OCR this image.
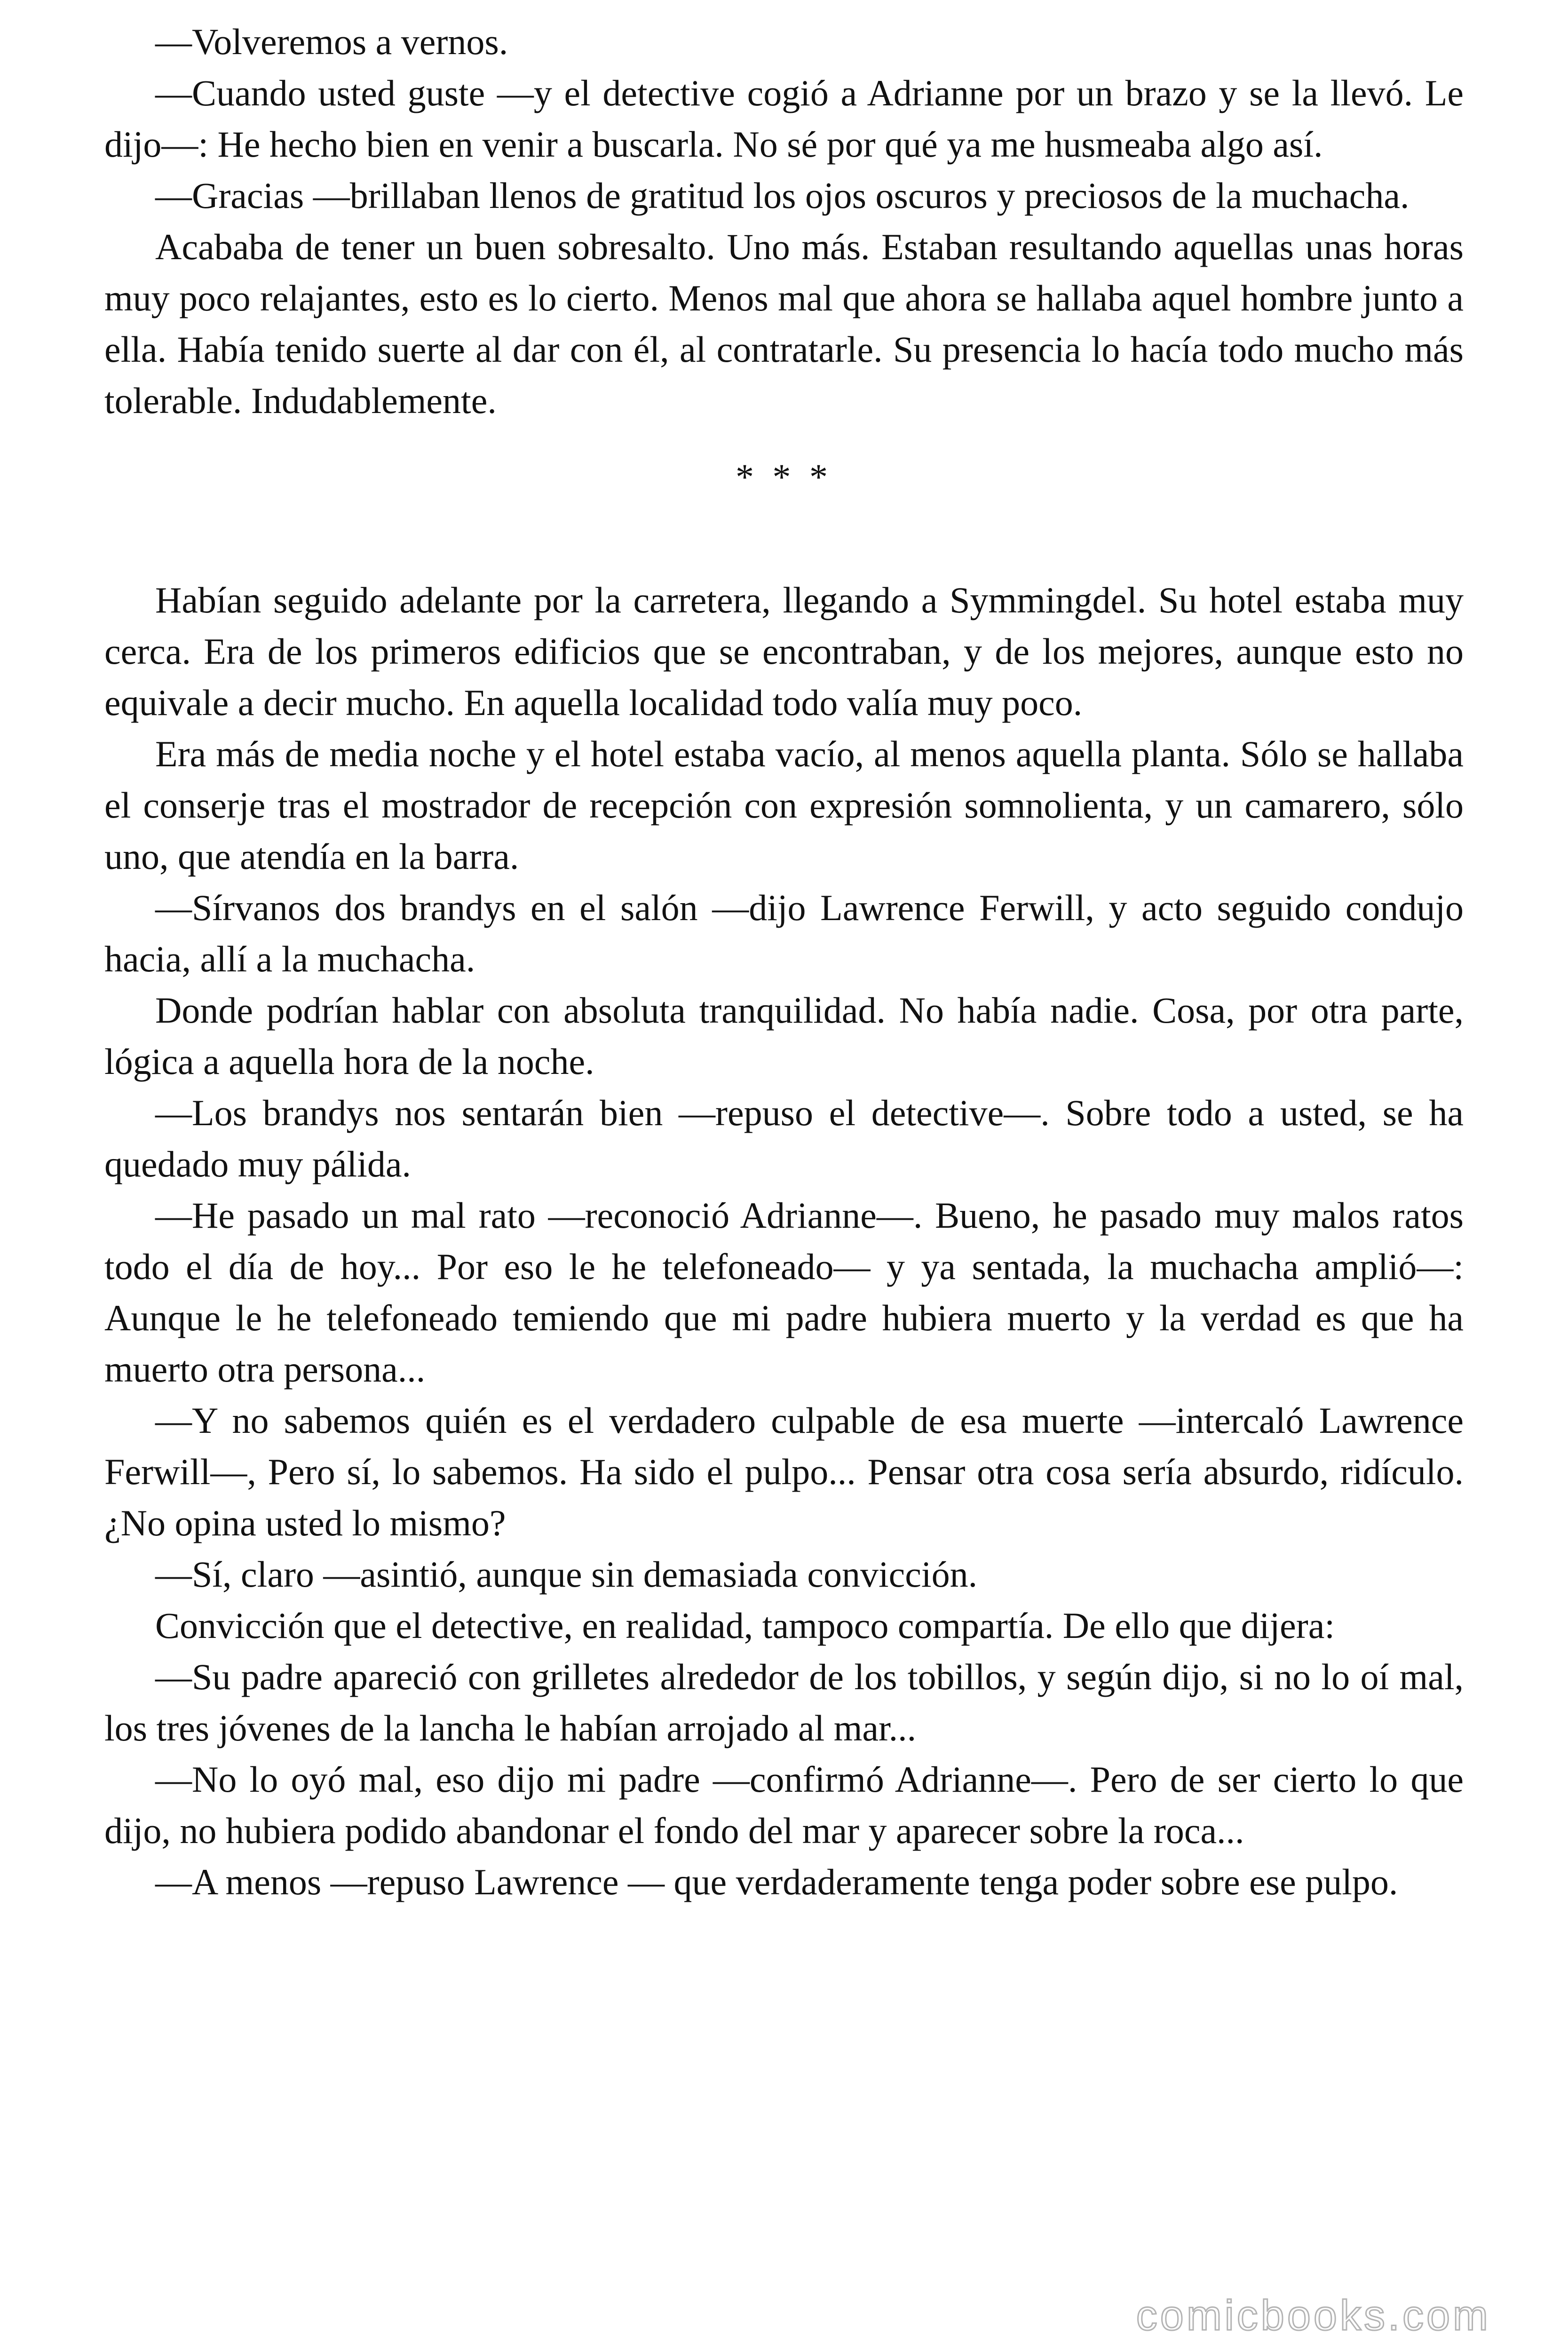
—Volveremos a vernos.

—Cuando usted guste —y el detective cogió a Adrianne por un brazo y se la llevó. Le dijo—: He hecho bien en venir a buscarla. No sé por qué ya me husmeaba algo así.

—Gracias —brillaban llenos de gratitud los ojos oscuros y preciosos de la muchacha.

Acababa de tener un buen sobresalto. Uno más. Estaban resultando aquellas unas horas muy poco relajantes, esto es lo cierto. Menos mal que ahora se hallaba aquel hombre junto a ella. Había tenido suerte al dar con él, al contratarle. Su presencia lo hacía todo mucho más tolerable. Indudablemente.

* * *

Habían seguido adelante por la carretera, llegando a Symmingdel. Su hotel estaba muy cerca. Era de los primeros edificios que se encontraban, y de los mejores, aunque esto no equivale a decir mucho. En aquella localidad todo valía muy poco.

Era más de media noche y el hotel estaba vacío, al menos aquella planta. Sólo se hallaba el conserje tras el mostrador de recepción con expresión somnolienta, y un camarero, sólo uno, que atendía en la barra.

—Sírvanos dos brandys en el salón —dijo Lawrence Ferwill, y acto seguido condujo hacia, allí a la muchacha.

Donde podrían hablar con absoluta tranquilidad. No había nadie. Cosa, por otra parte, lógica a aquella hora de la noche.

—Los brandys nos sentarán bien —repuso el detective—. Sobre todo a usted, se ha quedado muy pálida.

—He pasado un mal rato —reconoció Adrianne—. Bueno, he pasado muy malos ratos todo el día de hoy... Por eso le he telefoneado— y ya sentada, la muchacha amplió—: Aunque le he telefoneado temiendo que mi padre hubiera muerto y la verdad es que ha muerto otra persona...

—Y no sabemos quién es el verdadero culpable de esa muerte —intercaló Lawrence Ferwill—, Pero sí, lo sabemos. Ha sido el pulpo... Pensar otra cosa sería absurdo, ridículo. ¿No opina usted lo mismo?

—Sí, claro —asintió, aunque sin demasiada convicción.

Convicción que el detective, en realidad, tampoco compartía. De ello que dijera:

—Su padre apareció con grilletes alrededor de los tobillos, y según dijo, si no lo oí mal, los tres jóvenes de la lancha le habían arrojado al mar...

—No lo oyó mal, eso dijo mi padre —confirmó Adrianne—. Pero de ser cierto lo que dijo, no hubiera podido abandonar el fondo del mar y aparecer sobre la roca...

—A menos —repuso Lawrence — que verdaderamente tenga poder sobre ese pulpo.

comicbooks.com
